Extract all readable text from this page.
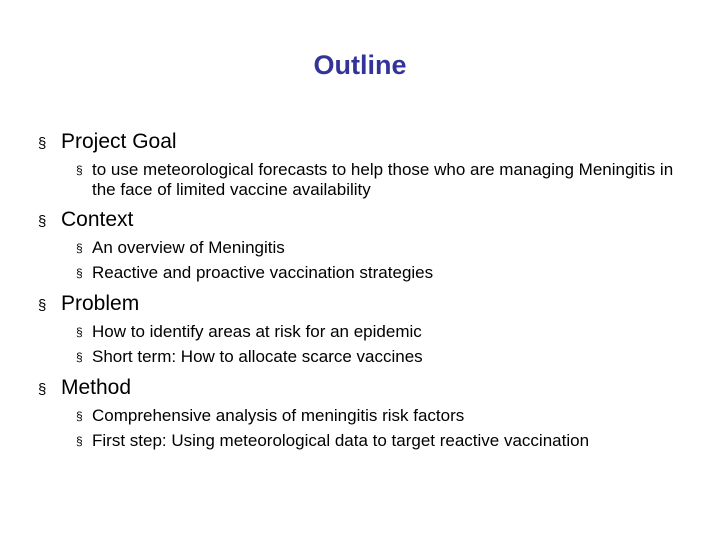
Outline
§ Project Goal
§ to use meteorological forecasts to help those who are managing Meningitis in the face of limited vaccine availability
§ Context
§ An overview of Meningitis
§ Reactive and proactive vaccination strategies
§ Problem
§ How to identify areas at risk for an epidemic
§ Short term: How to allocate scarce vaccines
§ Method
§ Comprehensive analysis of meningitis risk factors
§ First step: Using meteorological data to target reactive vaccination
